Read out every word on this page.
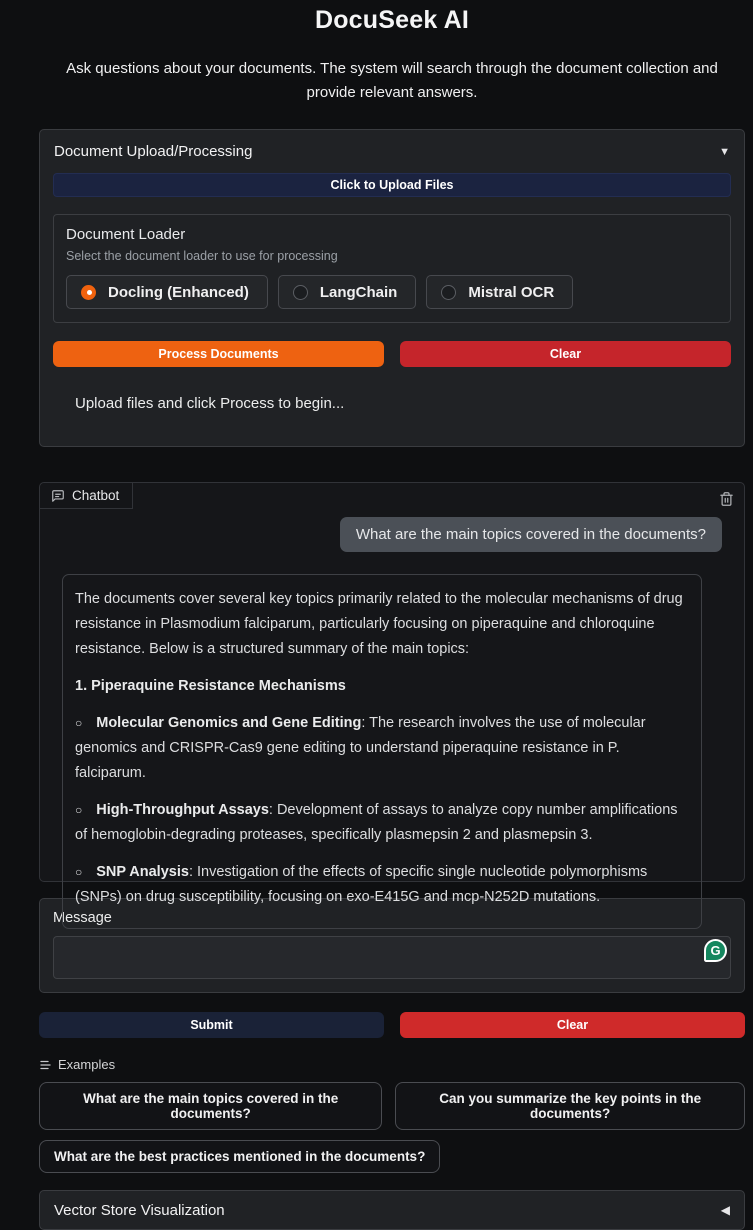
DocuSeek AI

Ask questions about your documents. The system will search through the document collection and provide relevant answers.

Document Upload/Processing	▼
Click to Upload Files
Document Loader
Select the document loader to use for processing
Docling (Enhanced)	LangChain	Mistral OCR
Process Documents	Clear
Upload files and click Process to begin...
Chatbot
What are the main topics covered in the documents?

The documents cover several key topics primarily related to the molecular mechanisms of drug resistance in Plasmodium falciparum, particularly focusing on piperaquine and chloroquine resistance. Below is a structured summary of the main topics:

1. Piperaquine Resistance Mechanisms

○ Molecular Genomics and Gene Editing: The research involves the use of molecular genomics and CRISPR-Cas9 gene editing to understand piperaquine resistance in P. falciparum.

○ High-Throughput Assays: Development of assays to analyze copy number amplifications of hemoglobin-degrading proteases, specifically plasmepsin 2 and plasmepsin 3.

○ SNP Analysis: Investigation of the effects of specific single nucleotide polymorphisms (SNPs) on drug susceptibility, focusing on exo-E415G and mcp-N252D mutations.

Message
G
Submit	Clear
Examples
What are the main topics covered in the documents?
Can you summarize the key points in the documents?
What are the best practices mentioned in the documents?
Vector Store Visualization	◀
